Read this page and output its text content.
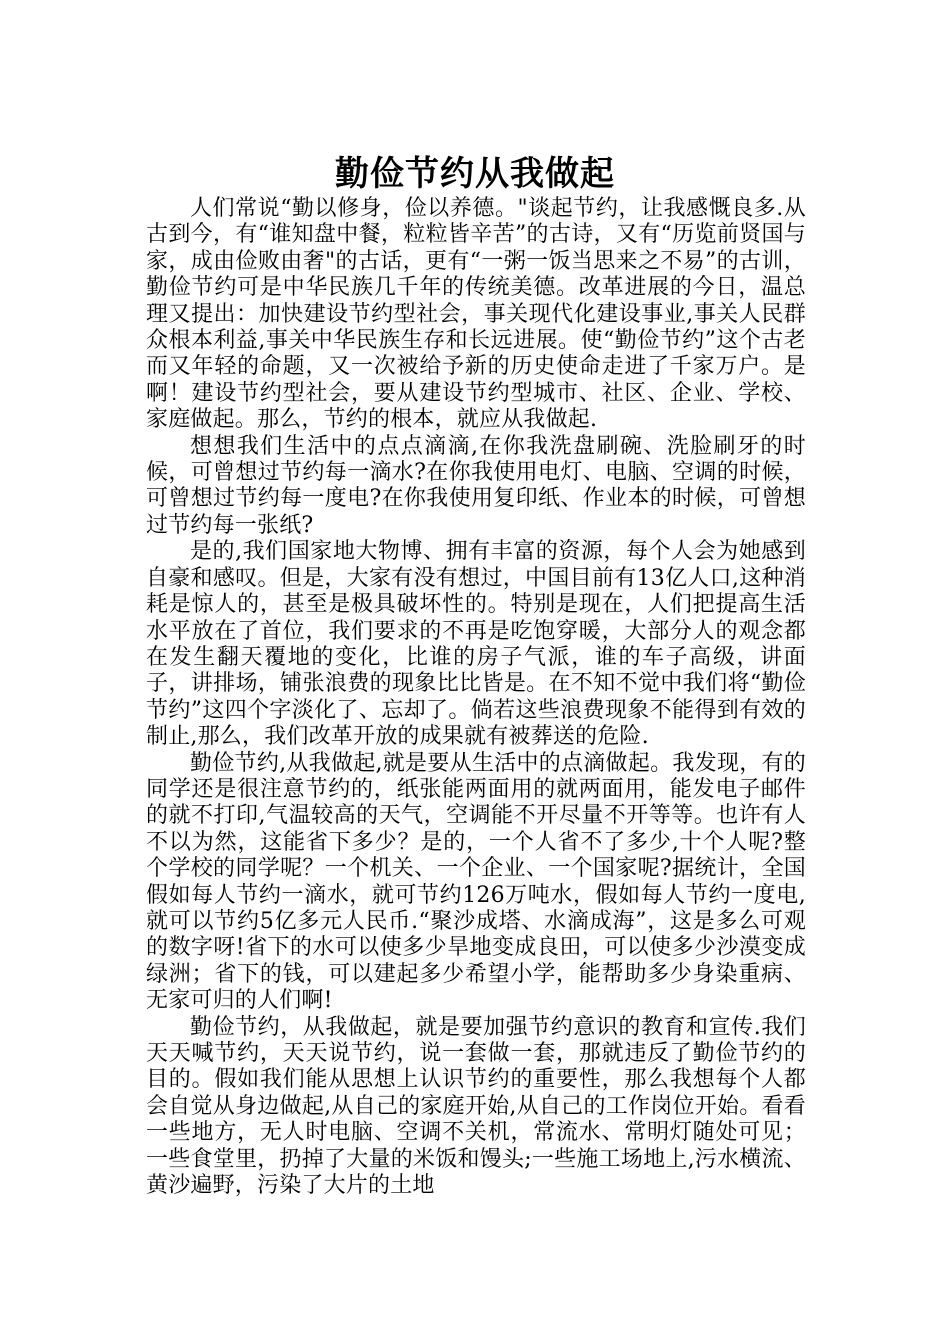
勤俭节约从我做起

人们常说“勤以修身，俭以养德。"谈起节约，让我感慨良多.从古到今，有“谁知盘中餐，粒粒皆辛苦”的古诗，又有“历览前贤国与家，成由俭败由奢"的古话，更有“一粥一饭当思来之不易”的古训，勤俭节约可是中华民族几千年的传统美德。改革进展的今日，温总理又提出：加快建设节约型社会，事关现代化建设事业,事关人民群众根本利益,事关中华民族生存和长远进展。使“勤俭节约”这个古老而又年轻的命题，又一次被给予新的历史使命走进了千家万户。是啊！建设节约型社会，要从建设节约型城市、社区、企业、学校、家庭做起。那么，节约的根本，就应从我做起.

想想我们生活中的点点滴滴,在你我洗盘刷碗、洗脸刷牙的时候，可曾想过节约每一滴水?在你我使用电灯、电脑、空调的时候，可曾想过节约每一度电?在你我使用复印纸、作业本的时候，可曾想过节约每一张纸?

是的,我们国家地大物博、拥有丰富的资源，每个人会为她感到自豪和感叹。但是，大家有没有想过，中国目前有13亿人口,这种消耗是惊人的，甚至是极具破坏性的。特别是现在，人们把提高生活水平放在了首位，我们要求的不再是吃饱穿暖，大部分人的观念都在发生翻天覆地的变化，比谁的房子气派，谁的车子高级，讲面子，讲排场，铺张浪费的现象比比皆是。在不知不觉中我们将“勤俭节约”这四个字淡化了、忘却了。倘若这些浪费现象不能得到有效的制止,那么，我们改革开放的成果就有被葬送的危险.

勤俭节约,从我做起,就是要从生活中的点滴做起。我发现，有的同学还是很注意节约的，纸张能两面用的就两面用，能发电子邮件的就不打印,气温较高的天气，空调能不开尽量不开等等。也许有人不以为然，这能省下多少？是的，一个人省不了多少,十个人呢?整个学校的同学呢？一个机关、一个企业、一个国家呢?据统计，全国假如每人节约一滴水，就可节约126万吨水，假如每人节约一度电,就可以节约5亿多元人民币.“聚沙成塔、水滴成海”，这是多么可观的数字呀!省下的水可以使多少旱地变成良田，可以使多少沙漠变成绿洲；省下的钱，可以建起多少希望小学，能帮助多少身染重病、无家可归的人们啊!

勤俭节约，从我做起，就是要加强节约意识的教育和宣传.我们天天喊节约，天天说节约，说一套做一套，那就违反了勤俭节约的目的。假如我们能从思想上认识节约的重要性，那么我想每个人都会自觉从身边做起,从自己的家庭开始,从自己的工作岗位开始。看看一些地方，无人时电脑、空调不关机，常流水、常明灯随处可见；一些食堂里，扔掉了大量的米饭和馒头;一些施工场地上,污水横流、黄沙遍野，污染了大片的土地
